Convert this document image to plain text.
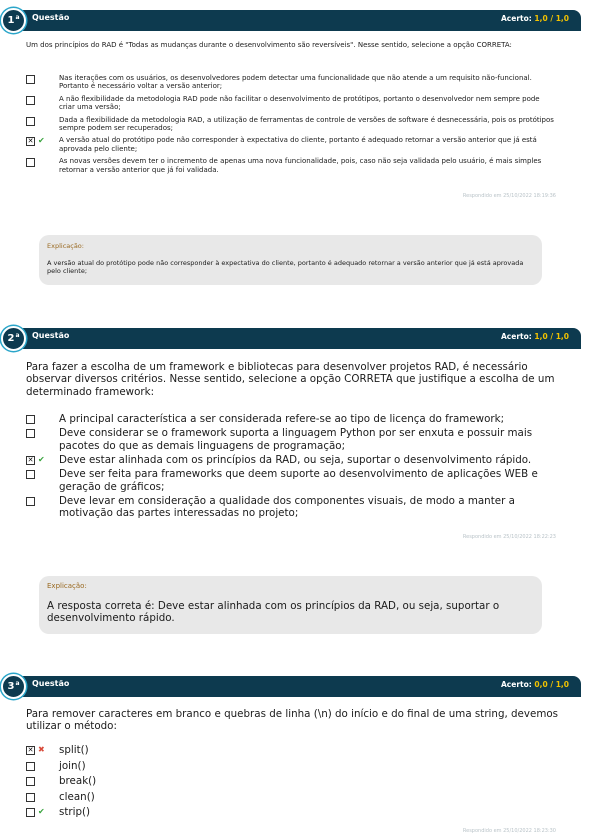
1$^a$ Questão	Acerto: 1,0 / 1,0
Um dos princípios do RAD é "Todas as mudanças durante o desenvolvimento são reversíveis". Nesse sentido, selecione a opção CORRETA:
Nas iterações com os usuários, os desenvolvedores podem detectar uma funcionalidade que não atende a um requisito não-funcional. Portanto é necessário voltar a versão anterior;
A não flexibilidade da metodologia RAD pode não facilitar o desenvolvimento de protótipos, portanto o desenvolvedor nem sempre pode criar uma versão;
Dada a flexibilidade da metodologia RAD, a utilização de ferramentas de controle de versões de software é desnecessária, pois os protótipos sempre podem ser recuperados;
✕ ✔ A versão atual do protótipo pode não corresponder à expectativa do cliente, portanto é adequado retornar a versão anterior que já está aprovada pelo cliente;
As novas versões devem ter o incremento de apenas uma nova funcionalidade, pois, caso não seja validada pelo usuário, é mais simples retornar a versão anterior que já foi validada.
Respondido em 25/10/2022 18:19:36
Explicação:
A versão atual do protótipo pode não corresponder à expectativa do cliente, portanto é adequado retornar a versão anterior que já está aprovada pelo cliente;
2$^a$ Questão	Acerto: 1,0 / 1,0
Para fazer a escolha de um framework e bibliotecas para desenvolver projetos RAD, é necessário observar diversos critérios. Nesse sentido, selecione a opção CORRETA que justifique a escolha de um determinado framework:
A principal característica a ser considerada refere-se ao tipo de licença do framework;
Deve considerar se o framework suporta a linguagem Python por ser enxuta e possuir mais pacotes do que as demais linguagens de programação;
✕ ✔ Deve estar alinhada com os princípios da RAD, ou seja, suportar o desenvolvimento rápido.
Deve ser feita para frameworks que deem suporte ao desenvolvimento de aplicações WEB e geração de gráficos;
Deve levar em consideração a qualidade dos componentes visuais, de modo a manter a motivação das partes interessadas no projeto;
Respondido em 25/10/2022 18:22:23
Explicação:
A resposta correta é: Deve estar alinhada com os princípios da RAD, ou seja, suportar o desenvolvimento rápido.
3$^a$ Questão	Acerto: 0,0 / 1,0
Para remover caracteres em branco e quebras de linha (\n) do início e do final de uma string, devemos utilizar o método:
✕ ✖ split()
join()
break()
clean()
✔ strip()
Respondido em 25/10/2022 18:23:30
